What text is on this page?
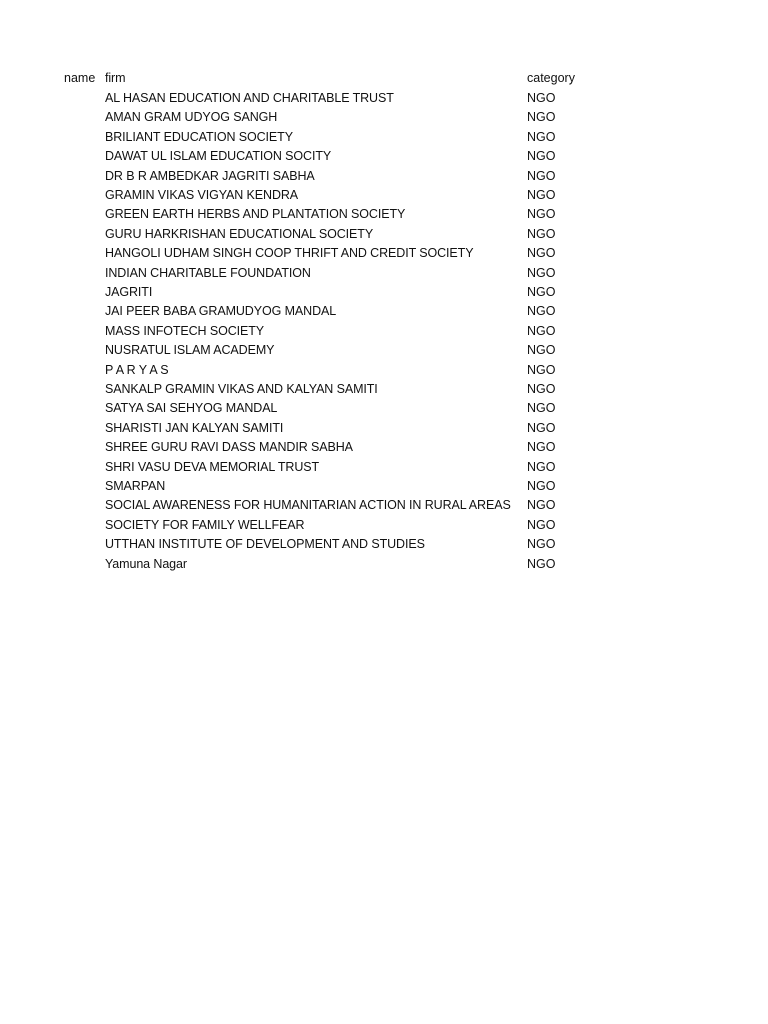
name firm	category
AL HASAN EDUCATION AND CHARITABLE TRUST	NGO
AMAN GRAM UDYOG SANGH	NGO
BRILIANT EDUCATION SOCIETY	NGO
DAWAT UL ISLAM EDUCATION SOCITY	NGO
DR B R AMBEDKAR JAGRITI SABHA	NGO
GRAMIN VIKAS VIGYAN KENDRA	NGO
GREEN EARTH HERBS AND PLANTATION SOCIETY	NGO
GURU HARKRISHAN EDUCATIONAL SOCIETY	NGO
HANGOLI UDHAM SINGH COOP THRIFT AND CREDIT SOCIETY	NGO
INDIAN CHARITABLE FOUNDATION	NGO
JAGRITI	NGO
JAI PEER BABA GRAMUDYOG MANDAL	NGO
MASS INFOTECH SOCIETY	NGO
NUSRATUL ISLAM ACADEMY	NGO
P A R Y A S	NGO
SANKALP GRAMIN VIKAS AND KALYAN SAMITI	NGO
SATYA SAI SEHYOG MANDAL	NGO
SHARISTI JAN KALYAN SAMITI	NGO
SHREE GURU RAVI DASS MANDIR SABHA	NGO
SHRI VASU DEVA MEMORIAL TRUST	NGO
SMARPAN	NGO
SOCIAL AWARENESS FOR HUMANITARIAN ACTION IN RURAL AREAS NGO
SOCIETY FOR FAMILY WELLFEAR	NGO
UTTHAN INSTITUTE OF DEVELOPMENT AND STUDIES	NGO
Yamuna Nagar	NGO
